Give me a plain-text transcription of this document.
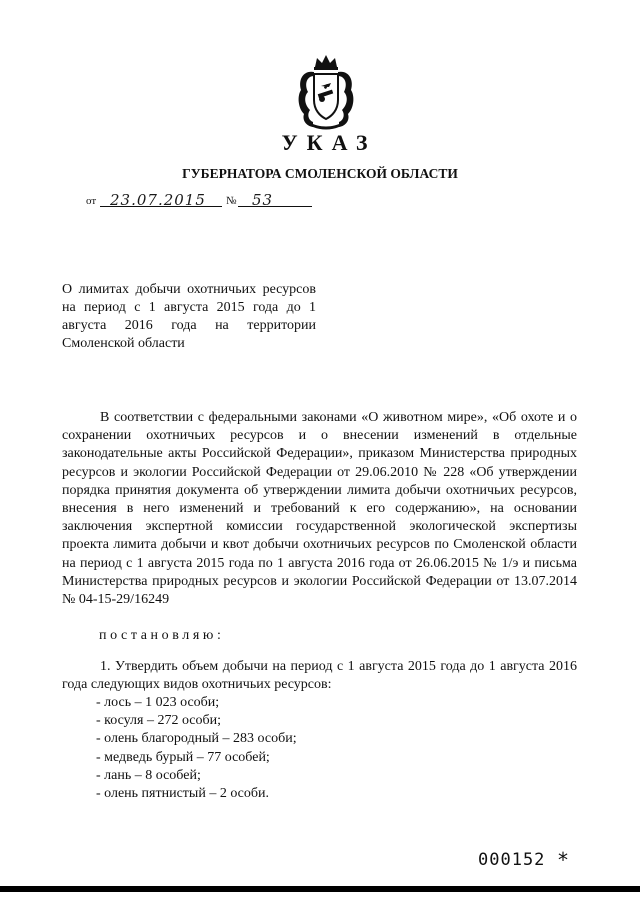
УКАЗ
ГУБЕРНАТОРА СМОЛЕНСКОЙ ОБЛАСТИ
от 23.07.2015 № 53
О лимитах добычи охотничьих ресурсов на период с 1 августа 2015 года до 1 августа 2016 года на территории Смоленской области
В соответствии с федеральными законами «О животном мире», «Об охоте и о сохранении охотничьих ресурсов и о внесении изменений в отдельные законодательные акты Российской Федерации», приказом Министерства природных ресурсов и экологии Российской Федерации от 29.06.2010 № 228 «Об утверждении порядка принятия документа об утверждении лимита добычи охотничьих ресурсов, внесения в него изменений и требований к его содержанию», на основании заключения экспертной комиссии государственной экологической экспертизы проекта лимита добычи и квот добычи охотничьих ресурсов по Смоленской области на период с 1 августа 2015 года по 1 августа 2016 года от 26.06.2015 № 1/э и письма Министерства природных ресурсов и экологии Российской Федерации от 13.07.2014 № 04-15-29/16249
постановляю:
1. Утвердить объем добычи на период с 1 августа 2015 года до 1 августа 2016 года следующих видов охотничьих ресурсов:
- лось – 1 023 особи;
- косуля – 272 особи;
- олень благородный – 283 особи;
- медведь бурый – 77 особей;
- лань – 8 особей;
- олень пятнистый – 2 особи.
000152 *
